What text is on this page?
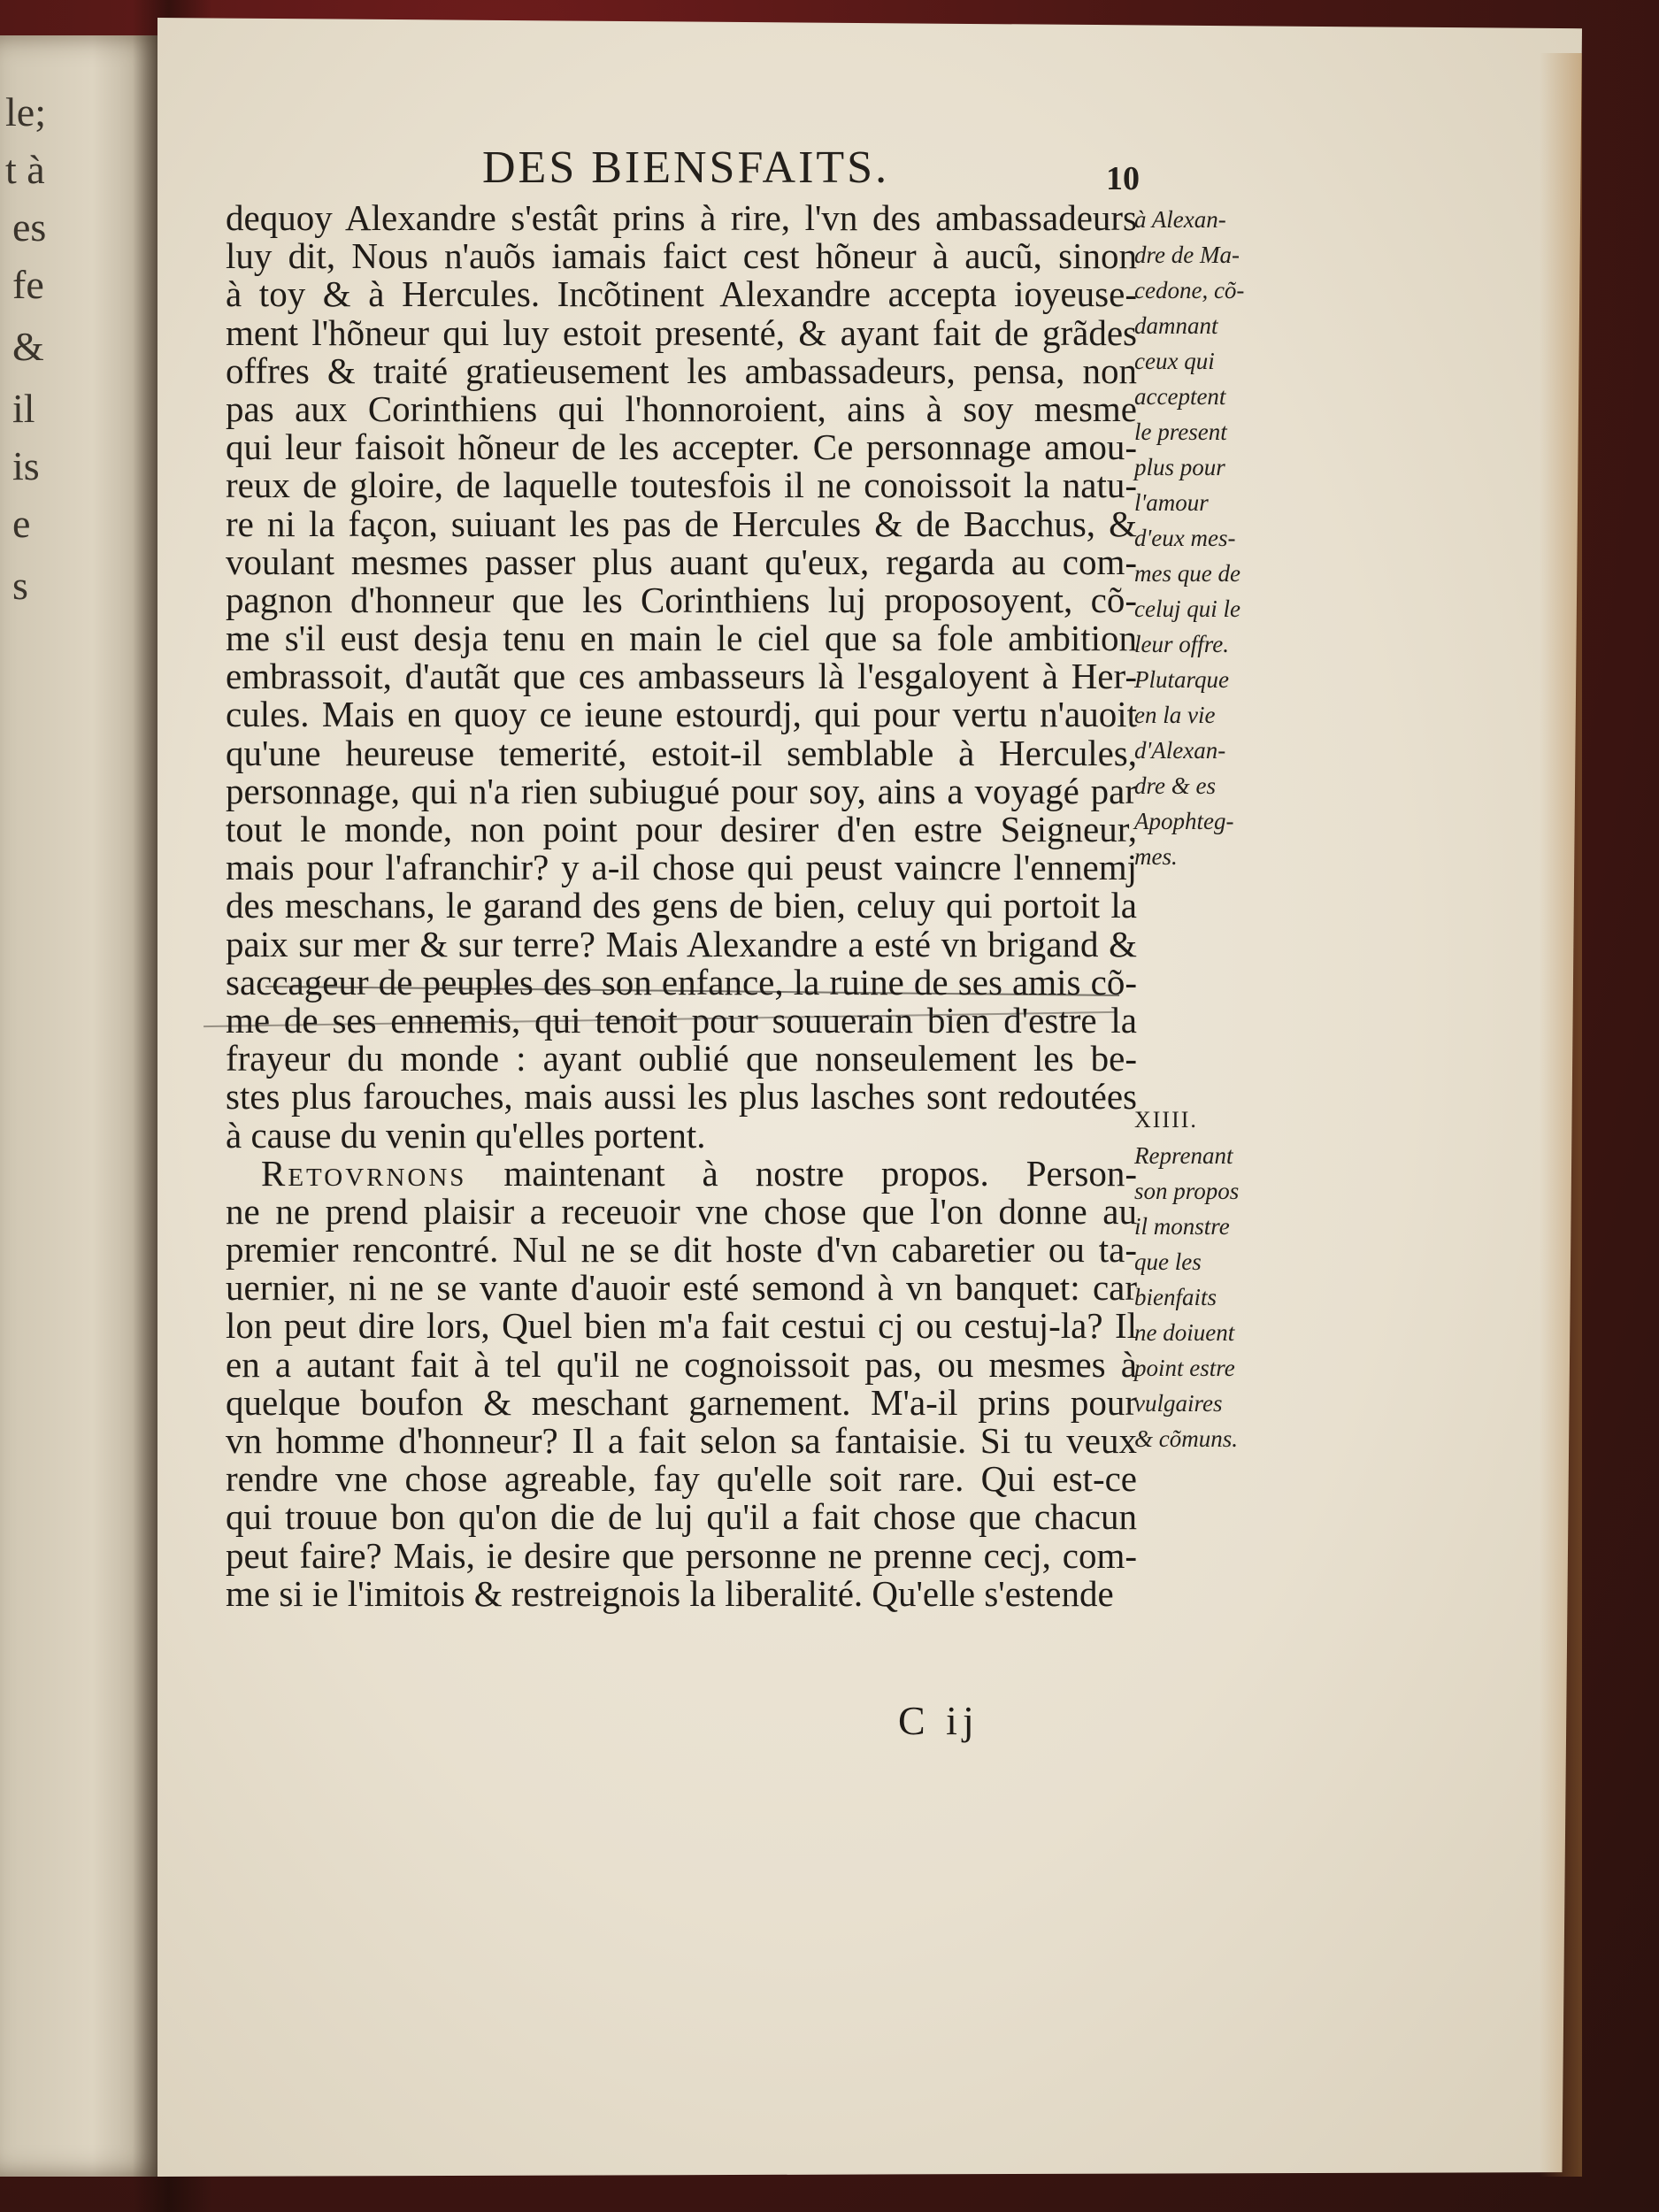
le;
t à
es
fe
&
il
is
e
s
DES BIENSFAITS.	10
dequoy Alexandre s'estât prins à rire, l'vn des ambassadeurs
luy dit, Nous n'auõs iamais faict cest hõneur à aucũ, sinon
à toy & à Hercules. Incõtinent Alexandre accepta ioyeuse-
ment l'hõneur qui luy estoit presenté, & ayant fait de grãdes
offres & traité gratieusement les ambassadeurs, pensa, non
pas aux Corinthiens qui l'honnoroient, ains à soy mesme
qui leur faisoit hõneur de les accepter. Ce personnage amou-
reux de gloire, de laquelle toutesfois il ne conoissoit la natu-
re ni la façon, suiuant les pas de Hercules & de Bacchus, &
voulant mesmes passer plus auant qu'eux, regarda au com-
pagnon d'honneur que les Corinthiens luj proposoyent, cõ-
me s'il eust desja tenu en main le ciel que sa fole ambition
embrassoit, d'autãt que ces ambasseurs là l'esgaloyent à Her-
cules. Mais en quoy ce ieune estourdj, qui pour vertu n'auoit
qu'une heureuse temerité, estoit-il semblable à Hercules,
personnage, qui n'a rien subiugué pour soy, ains a voyagé par
tout le monde, non point pour desirer d'en estre Seigneur,
mais pour l'afranchir? y a-il chose qui peust vaincre l'ennemj
des meschans, le garand des gens de bien, celuy qui portoit la
paix sur mer & sur terre? Mais Alexandre a esté vn brigand &
saccageur de peuples des son enfance, la ruine de ses amis cõ-
me de ses ennemis, qui tenoit pour souuerain bien d'estre la
frayeur du monde : ayant oublié que nonseulement les be-
stes plus farouches, mais aussi les plus lasches sont redoutées
à cause du venin qu'elles portent.
Retovrnons maintenant à nostre propos. Person-
ne ne prend plaisir a receuoir vne chose que l'on donne au
premier rencontré. Nul ne se dit hoste d'vn cabaretier ou ta-
uernier, ni ne se vante d'auoir esté semond à vn banquet: car
lon peut dire lors, Quel bien m'a fait cestui cj ou cestuj-la? Il
en a autant fait à tel qu'il ne cognoissoit pas, ou mesmes à
quelque boufon & meschant garnement. M'a-il prins pour
vn homme d'honneur? Il a fait selon sa fantaisie. Si tu veux
rendre vne chose agreable, fay qu'elle soit rare. Qui est-ce
qui trouue bon qu'on die de luj qu'il a fait chose que chacun
peut faire? Mais, ie desire que personne ne prenne cecj, com-
me si ie l'imitois & restreignois la liberalité. Qu'elle s'estende
à Alexan-
dre de Ma-
cedone, cõ-
damnant
ceux qui
acceptent
le present
plus pour
l'amour
d'eux mes-
mes que de
celuj qui le
leur offre.
Plutarque
en la vie
d'Alexan-
dre & es
Apophteg-
mes.
XIIII.
Reprenant
son propos
il monstre
que les
bienfaits
ne doiuent
point estre
vulgaires
& cõmuns.
C ij
